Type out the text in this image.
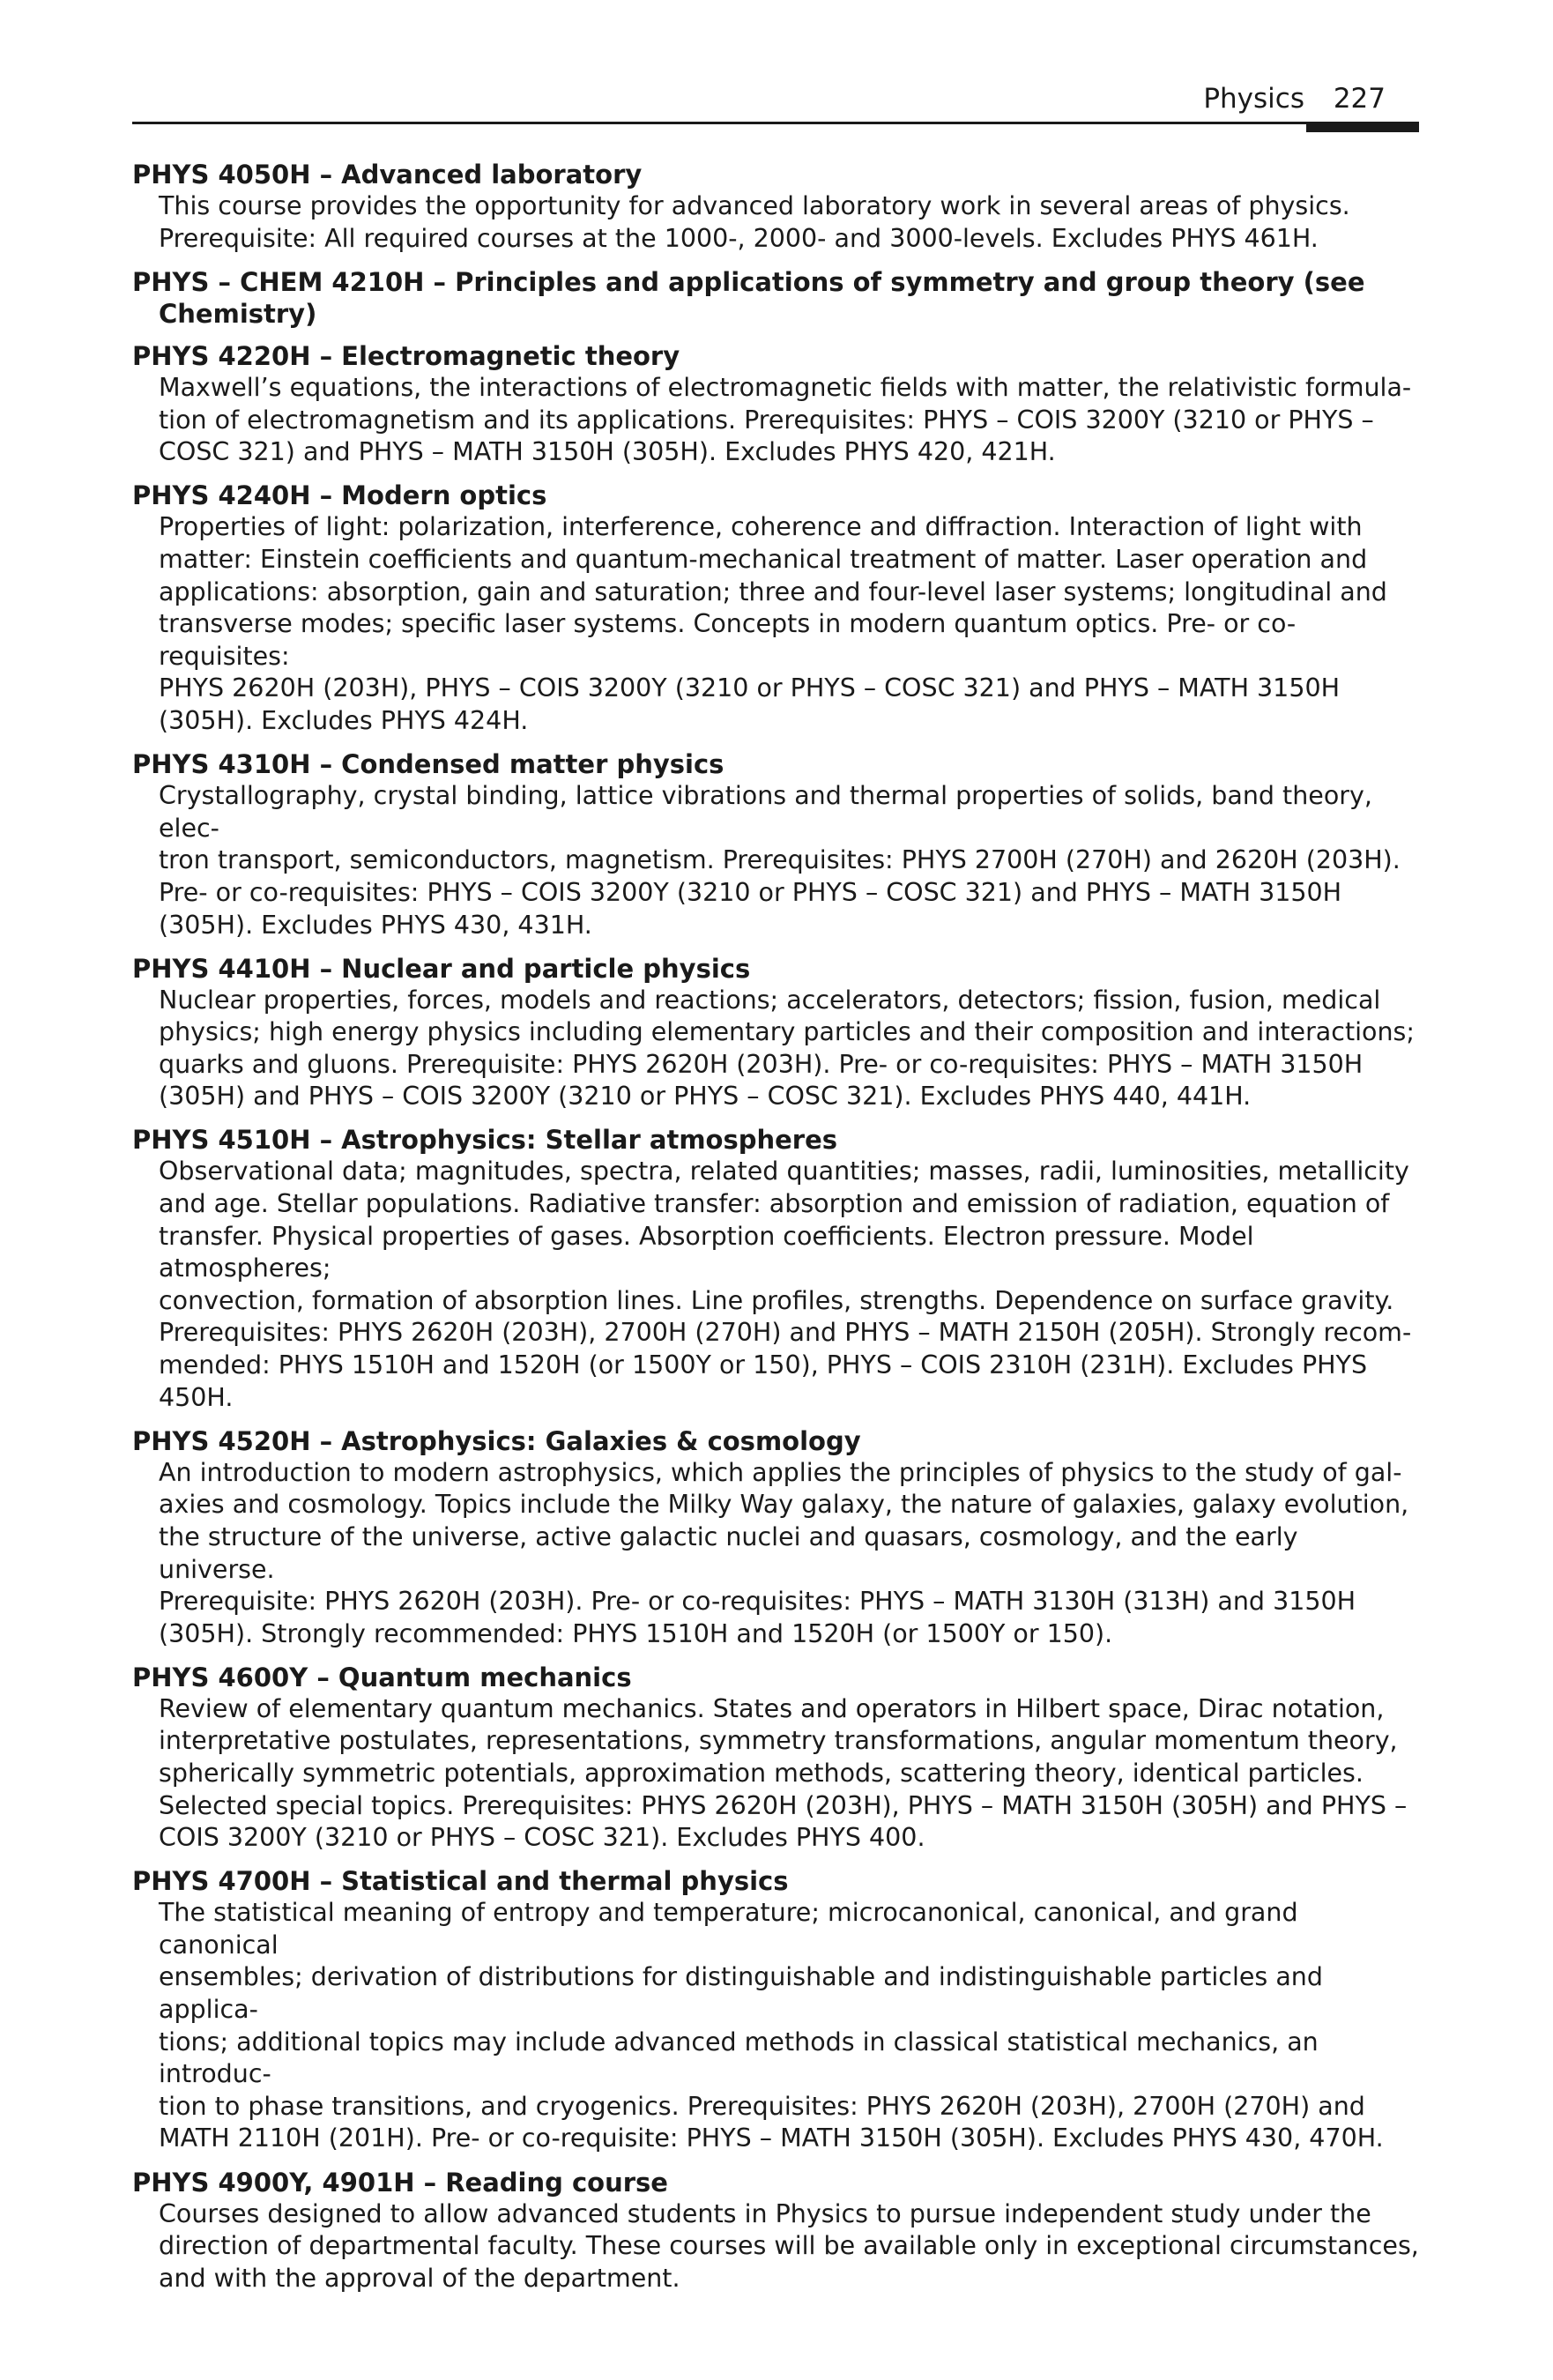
Physics 227
PHYS 4050H – Advanced laboratory
This course provides the opportunity for advanced laboratory work in several areas of physics.
Prerequisite: All required courses at the 1000-, 2000- and 3000-levels. Excludes PHYS 461H.
PHYS – CHEM 4210H – Principles and applications of symmetry and group theory (see Chemistry)
PHYS 4220H – Electromagnetic theory
Maxwell’s equations, the interactions of electromagnetic fields with matter, the relativistic formula-
tion of electromagnetism and its applications. Prerequisites: PHYS – COIS 3200Y (3210 or PHYS –
COSC 321) and PHYS – MATH 3150H (305H). Excludes PHYS 420, 421H.
PHYS 4240H – Modern optics
Properties of light: polarization, interference, coherence and diffraction. Interaction of light with
matter: Einstein coefficients and quantum-mechanical treatment of matter. Laser operation and
applications: absorption, gain and saturation; three and four-level laser systems; longitudinal and
transverse modes; specific laser systems. Concepts in modern quantum optics. Pre- or co-requisites:
PHYS 2620H (203H), PHYS – COIS 3200Y (3210 or PHYS – COSC 321) and PHYS – MATH 3150H
(305H). Excludes PHYS 424H.
PHYS 4310H – Condensed matter physics
Crystallography, crystal binding, lattice vibrations and thermal properties of solids, band theory, elec-
tron transport, semiconductors, magnetism. Prerequisites: PHYS 2700H (270H) and 2620H (203H).
Pre- or co-requisites: PHYS – COIS 3200Y (3210 or PHYS – COSC 321) and PHYS – MATH 3150H
(305H). Excludes PHYS 430, 431H.
PHYS 4410H – Nuclear and particle physics
Nuclear properties, forces, models and reactions; accelerators, detectors; fission, fusion, medical
physics; high energy physics including elementary particles and their composition and interactions;
quarks and gluons. Prerequisite: PHYS 2620H (203H). Pre- or co-requisites: PHYS – MATH 3150H
(305H) and PHYS – COIS 3200Y (3210 or PHYS – COSC 321). Excludes PHYS 440, 441H.
PHYS 4510H – Astrophysics: Stellar atmospheres
Observational data; magnitudes, spectra, related quantities; masses, radii, luminosities, metallicity
and age. Stellar populations. Radiative transfer: absorption and emission of radiation, equation of
transfer. Physical properties of gases. Absorption coefficients. Electron pressure. Model atmospheres;
convection, formation of absorption lines. Line profiles, strengths. Dependence on surface gravity.
Prerequisites: PHYS 2620H (203H), 2700H (270H) and PHYS – MATH 2150H (205H). Strongly recom-
mended: PHYS 1510H and 1520H (or 1500Y or 150), PHYS – COIS 2310H (231H). Excludes PHYS
450H.
PHYS 4520H – Astrophysics: Galaxies & cosmology
An introduction to modern astrophysics, which applies the principles of physics to the study of gal-
axies and cosmology. Topics include the Milky Way galaxy, the nature of galaxies, galaxy evolution,
the structure of the universe, active galactic nuclei and quasars, cosmology, and the early universe.
Prerequisite: PHYS 2620H (203H). Pre- or co-requisites: PHYS – MATH 3130H (313H) and 3150H
(305H). Strongly recommended: PHYS 1510H and 1520H (or 1500Y or 150).
PHYS 4600Y – Quantum mechanics
Review of elementary quantum mechanics. States and operators in Hilbert space, Dirac notation,
interpretative postulates, representations, symmetry transformations, angular momentum theory,
spherically symmetric potentials, approximation methods, scattering theory, identical particles.
Selected special topics. Prerequisites: PHYS 2620H (203H), PHYS – MATH 3150H (305H) and PHYS –
COIS 3200Y (3210 or PHYS – COSC 321). Excludes PHYS 400.
PHYS 4700H – Statistical and thermal physics
The statistical meaning of entropy and temperature; microcanonical, canonical, and grand canonical
ensembles; derivation of distributions for distinguishable and indistinguishable particles and applica-
tions; additional topics may include advanced methods in classical statistical mechanics, an introduc-
tion to phase transitions, and cryogenics. Prerequisites: PHYS 2620H (203H), 2700H (270H) and
MATH 2110H (201H). Pre- or co-requisite: PHYS – MATH 3150H (305H). Excludes PHYS 430, 470H.
PHYS 4900Y, 4901H – Reading course
Courses designed to allow advanced students in Physics to pursue independent study under the
direction of departmental faculty. These courses will be available only in exceptional circumstances,
and with the approval of the department.
